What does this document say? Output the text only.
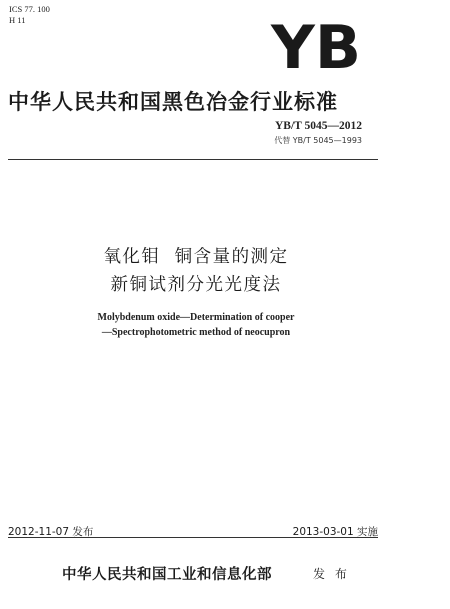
ICS 77. 100
H 11	YB
中华人民共和国黑色冶金行业标准
YB/T 5045—2012
代替 YB/T 5045—1993
氧化钼  铜含量的测定
新铜试剂分光光度法
Molybdenum oxide—Determination of cooper
—Spectrophotometric method of neocupron
2012-11-07 发布	2013-03-01 实施
中华人民共和国工业和信息化部	发 布
